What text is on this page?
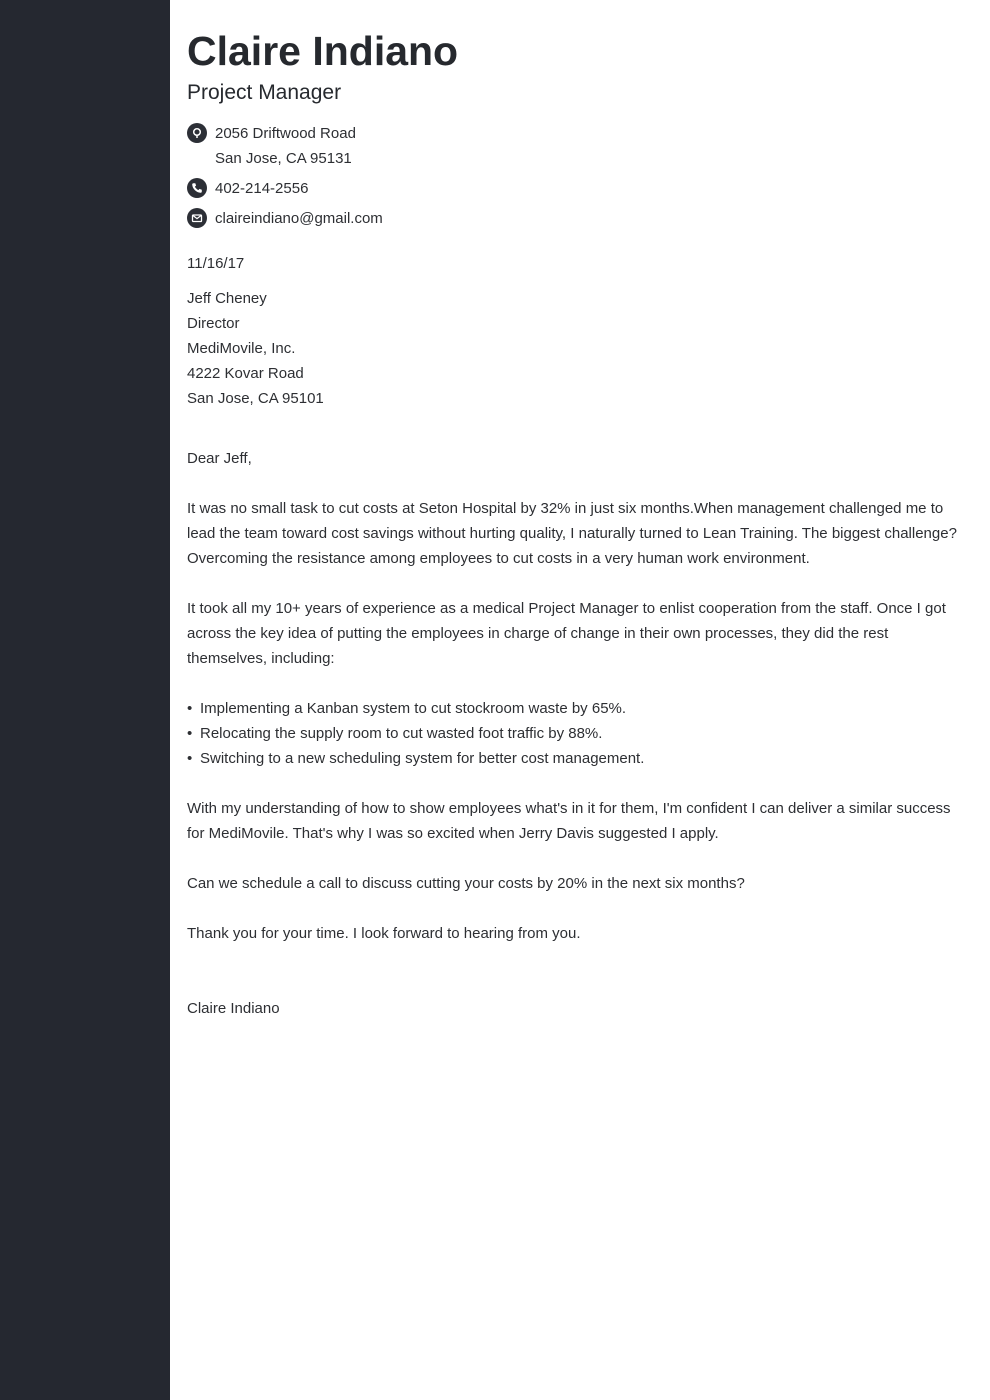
Claire Indiano
Project Manager
2056 Driftwood Road
San Jose, CA 95131
402-214-2556
claireindiano@gmail.com
11/16/17
Jeff Cheney
Director
MediMovile, Inc.
4222 Kovar Road
San Jose, CA 95101
Dear Jeff,

It was no small task to cut costs at Seton Hospital by 32% in just six months.When management challenged me to lead the team toward cost savings without hurting quality, I naturally turned to Lean Training. The biggest challenge? Overcoming the resistance among employees to cut costs in a very human work environment.

It took all my 10+ years of experience as a medical Project Manager to enlist cooperation from the staff. Once I got across the key idea of putting the employees in charge of change in their own processes, they did the rest themselves, including:

• Implementing a Kanban system to cut stockroom waste by 65%.
• Relocating the supply room to cut wasted foot traffic by 88%.
• Switching to a new scheduling system for better cost management.

With my understanding of how to show employees what's in it for them, I'm confident I can deliver a similar success for MediMovile. That's why I was so excited when Jerry Davis suggested I apply.

Can we schedule a call to discuss cutting your costs by 20% in the next six months?

Thank you for your time. I look forward to hearing from you.

Claire Indiano
